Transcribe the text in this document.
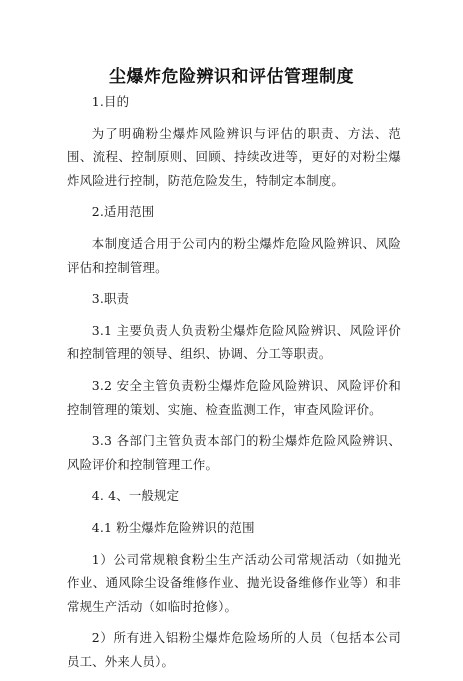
尘爆炸危险辨识和评估管理制度

1.目的

为了明确粉尘爆炸风险辨识与评估的职责、方法、范围、流程、控制原则、回顾、持续改进等，更好的对粉尘爆炸风险进行控制，防范危险发生，特制定本制度。

2.适用范围

本制度适合用于公司内的粉尘爆炸危险风险辨识、风险评估和控制管理。

3.职责

3.1 主要负责人负责粉尘爆炸危险风险辨识、风险评价和控制管理的领导、组织、协调、分工等职责。

3.2 安全主管负责粉尘爆炸危险风险辨识、风险评价和控制管理的策划、实施、检查监测工作，审查风险评价。

3.3 各部门主管负责本部门的粉尘爆炸危险风险辨识、风险评价和控制管理工作。

4. 4、一般规定

4.1 粉尘爆炸危险辨识的范围

1）公司常规粮食粉尘生产活动公司常规活动（如抛光作业、通风除尘设备维修作业、抛光设备维修作业等）和非常规生产活动（如临时抢修）。

2）所有进入铝粉尘爆炸危险场所的人员（包括本公司员工、外来人员）。
